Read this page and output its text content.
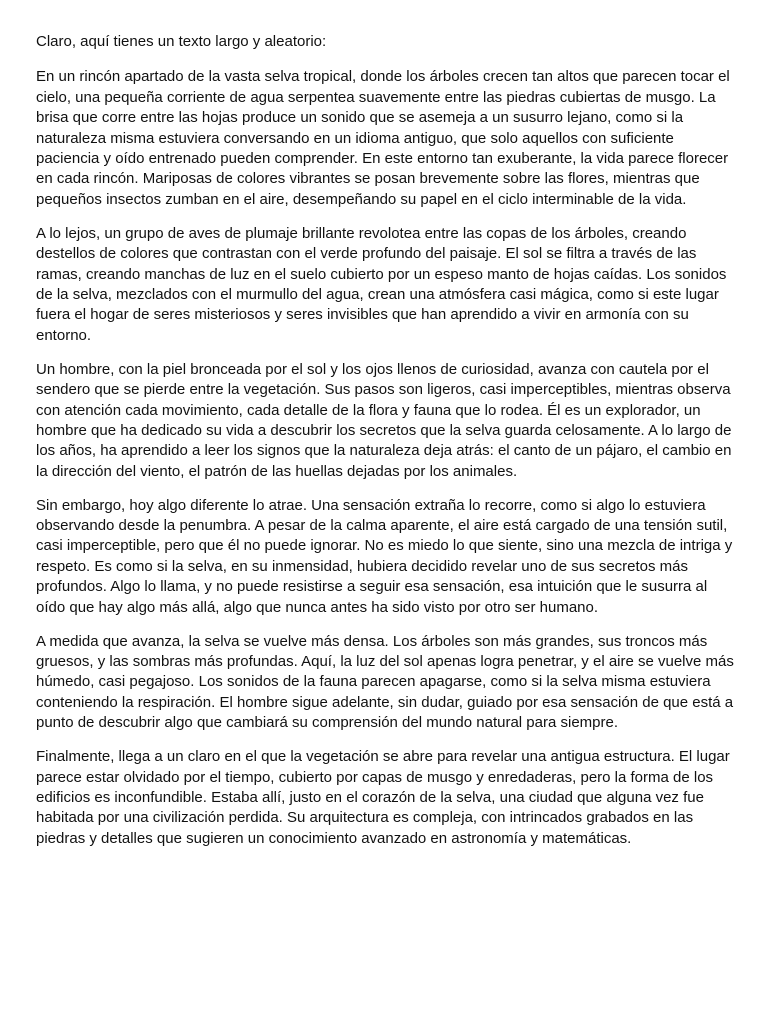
Claro, aquí tienes un texto largo y aleatorio:

En un rincón apartado de la vasta selva tropical, donde los árboles crecen tan altos que parecen tocar el cielo, una pequeña corriente de agua serpentea suavemente entre las piedras cubiertas de musgo. La brisa que corre entre las hojas produce un sonido que se asemeja a un susurro lejano, como si la naturaleza misma estuviera conversando en un idioma antiguo, que solo aquellos con suficiente paciencia y oído entrenado pueden comprender. En este entorno tan exuberante, la vida parece florecer en cada rincón. Mariposas de colores vibrantes se posan brevemente sobre las flores, mientras que pequeños insectos zumban en el aire, desempeñando su papel en el ciclo interminable de la vida.

A lo lejos, un grupo de aves de plumaje brillante revolotea entre las copas de los árboles, creando destellos de colores que contrastan con el verde profundo del paisaje. El sol se filtra a través de las ramas, creando manchas de luz en el suelo cubierto por un espeso manto de hojas caídas. Los sonidos de la selva, mezclados con el murmullo del agua, crean una atmósfera casi mágica, como si este lugar fuera el hogar de seres misteriosos y seres invisibles que han aprendido a vivir en armonía con su entorno.

Un hombre, con la piel bronceada por el sol y los ojos llenos de curiosidad, avanza con cautela por el sendero que se pierde entre la vegetación. Sus pasos son ligeros, casi imperceptibles, mientras observa con atención cada movimiento, cada detalle de la flora y fauna que lo rodea. Él es un explorador, un hombre que ha dedicado su vida a descubrir los secretos que la selva guarda celosamente. A lo largo de los años, ha aprendido a leer los signos que la naturaleza deja atrás: el canto de un pájaro, el cambio en la dirección del viento, el patrón de las huellas dejadas por los animales.

Sin embargo, hoy algo diferente lo atrae. Una sensación extraña lo recorre, como si algo lo estuviera observando desde la penumbra. A pesar de la calma aparente, el aire está cargado de una tensión sutil, casi imperceptible, pero que él no puede ignorar. No es miedo lo que siente, sino una mezcla de intriga y respeto. Es como si la selva, en su inmensidad, hubiera decidido revelar uno de sus secretos más profundos. Algo lo llama, y no puede resistirse a seguir esa sensación, esa intuición que le susurra al oído que hay algo más allá, algo que nunca antes ha sido visto por otro ser humano.

A medida que avanza, la selva se vuelve más densa. Los árboles son más grandes, sus troncos más gruesos, y las sombras más profundas. Aquí, la luz del sol apenas logra penetrar, y el aire se vuelve más húmedo, casi pegajoso. Los sonidos de la fauna parecen apagarse, como si la selva misma estuviera conteniendo la respiración. El hombre sigue adelante, sin dudar, guiado por esa sensación de que está a punto de descubrir algo que cambiará su comprensión del mundo natural para siempre.

Finalmente, llega a un claro en el que la vegetación se abre para revelar una antigua estructura. El lugar parece estar olvidado por el tiempo, cubierto por capas de musgo y enredaderas, pero la forma de los edificios es inconfundible. Estaba allí, justo en el corazón de la selva, una ciudad que alguna vez fue habitada por una civilización perdida. Su arquitectura es compleja, con intrincados grabados en las piedras y detalles que sugieren un conocimiento avanzado en astronomía y matemáticas.
